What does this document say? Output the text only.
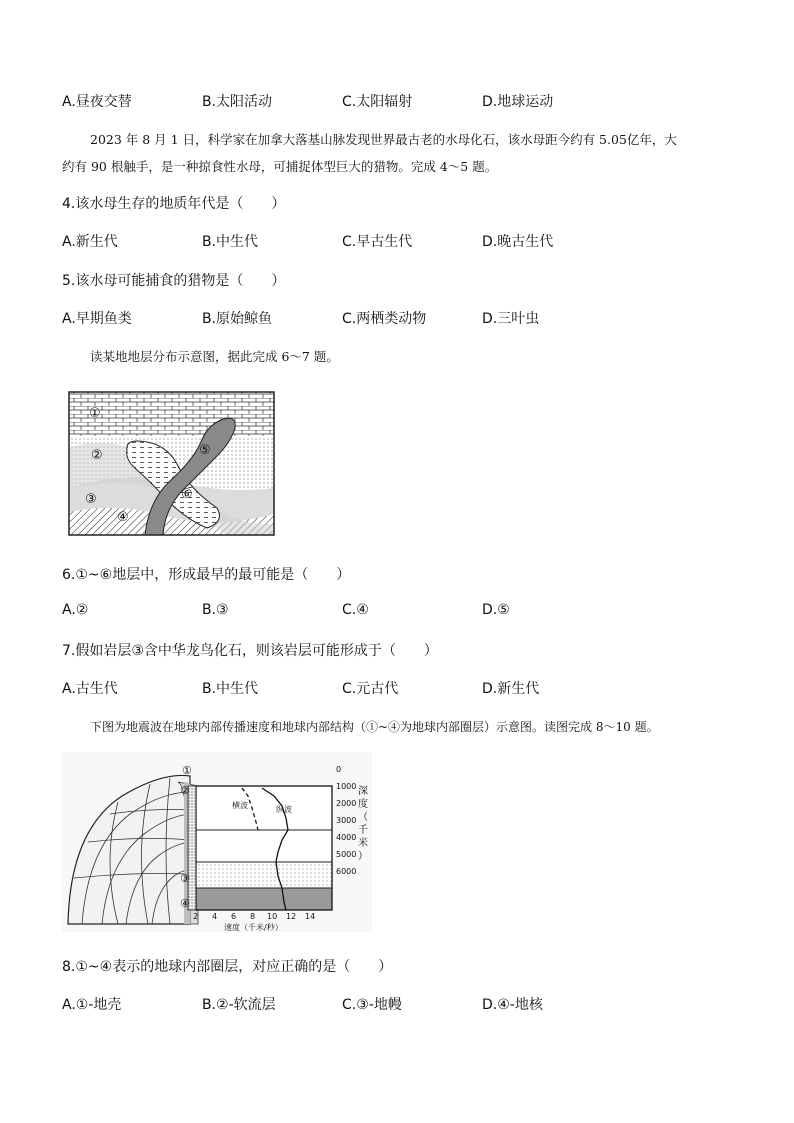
A.昼夜交替	B.太阳活动	C.太阳辐射	D.地球运动
2023 年 8 月 1 日，科学家在加拿大落基山脉发现世界最古老的水母化石，该水母距今约有 5.05亿年，大
约有 90 根触手，是一种掠食性水母，可捕捉体型巨大的猎物。完成 4～5 题。
4.该水母生存的地质年代是（　　）
A.新生代	B.中生代	C.早古生代	D.晚古生代
5.该水母可能捕食的猎物是（　　）
A.早期鱼类	B.原始鲸鱼	C.两栖类动物	D.三叶虫
读某地地层分布示意图，据此完成 6～7 题。
①
②
③
④
⑤
⑥
6.①~⑥地层中，形成最早的最可能是（　　）
A.②	B.③	C.④	D.⑤
7.假如岩层③含中华龙鸟化石，则该岩层可能形成于（　　）
A.古生代	B.中生代	C.元古代	D.新生代
下图为地震波在地球内部传播速度和地球内部结构（①~④为地球内部圈层）示意图。读图完成 8～10 题。
横波	纵波
①
②
③
④
0
1000
2000
3000
4000
5000
6000
深
度
（
千
米
）
2 4 6 8 10 12 14
速度（千米/秒）
8.①~④表示的地球内部圈层，对应正确的是（　　）
A.①-地壳	B.②-软流层	C.③-地幔	D.④-地核
